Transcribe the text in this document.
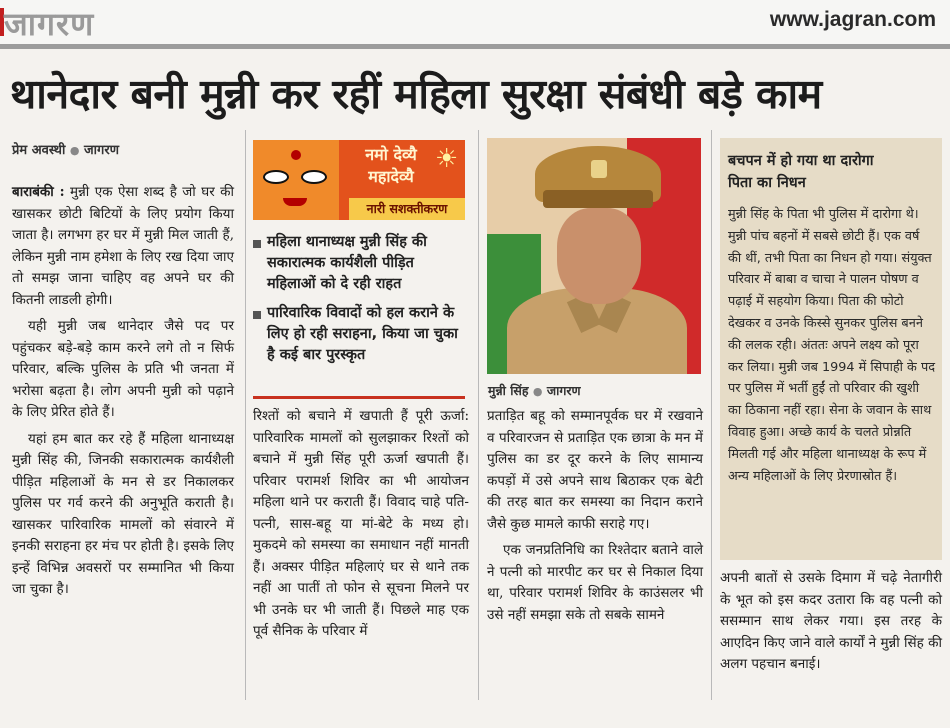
जागरण	www.jagran.com
थानेदार बनी मुन्नी कर रहीं महिला सुरक्षा संबंधी बड़े काम
प्रेम अवस्थी ● जागरण

बाराबंकी : मुन्नी एक ऐसा शब्द है जो घर की खासकर छोटी बिटियों के लिए प्रयोग किया जाता है। लगभग हर घर में मुन्नी मिल जाती हैं, लेकिन मुन्नी नाम हमेशा के लिए रख दिया जाए तो समझ जाना चाहिए वह अपने घर की कितनी लाडली होगी।

यही मुन्नी जब थानेदार जैसे पद पर पहुंचकर बड़े-बड़े काम करने लगे तो न सिर्फ परिवार, बल्कि पुलिस के प्रति भी जनता में भरोसा बढ़ता है। लोग अपनी मुन्नी को पढ़ाने के लिए प्रेरित होते हैं।

यहां हम बात कर रहे हैं महिला थानाध्यक्ष मुन्नी सिंह की, जिनकी सकारात्मक कार्यशैली पीड़ित महिलाओं के मन से डर निकालकर पुलिस पर गर्व करने की अनुभूति कराती है। खासकर पारिवारिक मामलों को संवारने में इनकी सराहना हर मंच पर होती है। इसके लिए इन्हें विभिन्न अवसरों पर सम्मानित भी किया जा चुका है।

नमो देव्यै महादेव्यै
☀
नारी सशक्तीकरण
महिला थानाध्यक्ष मुन्नी सिंह की सकारात्मक कार्यशैली पीड़ित महिलाओं को दे रही राहत
पारिवारिक विवादों को हल कराने के लिए हो रही सराहना, किया जा चुका है कई बार पुरस्कृत

रिश्तों को बचाने में खपाती हैं पूरी ऊर्जा: पारिवारिक मामलों को सुलझाकर रिश्तों को बचाने में मुन्नी सिंह पूरी ऊर्जा खपाती हैं। परिवार परामर्श शिविर का भी आयोजन महिला थाने पर कराती हैं। विवाद चाहे पति-पत्नी, सास-बहू या मां-बेटे के मध्य हो। मुकदमे को समस्या का समाधान नहीं मानती हैं। अक्सर पीड़ित महिलाएं घर से थाने तक नहीं आ पातीं तो फोन से सूचना मिलने पर भी उनके घर भी जाती हैं। पिछले माह एक पूर्व सैनिक के परिवार में

मुन्नी सिंह ● जागरण

प्रताड़ित बहू को सम्मानपूर्वक घर में रखवाने व परिवारजन से प्रताड़ित एक छात्रा के मन में पुलिस का डर दूर करने के लिए सामान्य कपड़ों में उसे अपने साथ बिठाकर एक बेटी की तरह बात कर समस्या का निदान कराने जैसे कुछ मामले काफी सराहे गए।

एक जनप्रतिनिधि का रिश्तेदार बताने वाले ने पत्नी को मारपीट कर घर से निकाल दिया था, परिवार परामर्श शिविर के काउंसलर भी उसे नहीं समझा सके तो सबके सामने

बचपन में हो गया था दारोगा
पिता का निधन
मुन्नी सिंह के पिता भी पुलिस में दारोगा थे। मुन्नी पांच बहनों में सबसे छोटी हैं। एक वर्ष की थीं, तभी पिता का निधन हो गया। संयुक्त परिवार में बाबा व चाचा ने पालन पोषण व पढ़ाई में सहयोग किया। पिता की फोटो देखकर व उनके किस्से सुनकर पुलिस बनने की ललक रही। अंततः अपने लक्ष्य को पूरा कर लिया। मुन्नी जब 1994 में सिपाही के पद पर पुलिस में भर्ती हुईं तो परिवार की खुशी का ठिकाना नहीं रहा। सेना के जवान के साथ विवाह हुआ। अच्छे कार्य के चलते प्रोन्नति मिलती गई और महिला थानाध्यक्ष के रूप में अन्य महिलाओं के लिए प्रेरणास्रोत हैं।

अपनी बातों से उसके दिमाग में चढ़े नेतागीरी के भूत को इस कदर उतारा कि वह पत्नी को ससम्मान साथ लेकर गया। इस तरह के आएदिन किए जाने वाले कार्यों ने मुन्नी सिंह की अलग पहचान बनाई।
